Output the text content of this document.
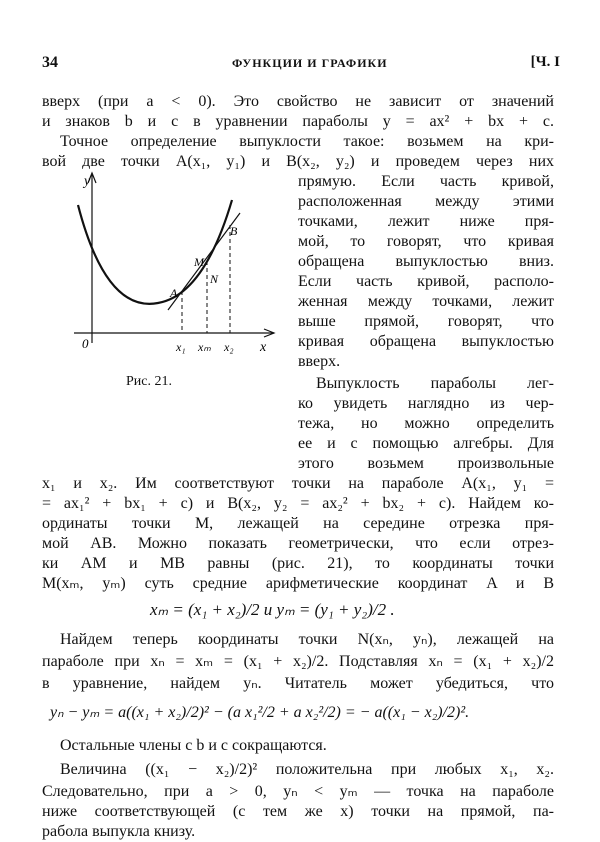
34	ФУНКЦИИ И ГРАФИКИ	[Ч. I
вверх (при a < 0). Это свойство не зависит от значений
и знаков b и c в уравнении параболы y = ax² + bx + c.
Точное определение выпуклости такое: возьмем на кри-
вой две точки A(x₁, y₁) и B(x₂, y₂) и проведем через них
прямую. Если часть кривой,
расположенная между этими
точками, лежит ниже пря-
мой, то говорят, что кривая
обращена выпуклостью вниз.
Если часть кривой, располо-
женная между точками, лежит
выше прямой, говорят, что
кривая обращена выпуклостью
вверх.
Выпуклость параболы лег-
ко увидеть наглядно из чер-
тежа, но можно определить
ее и с помощью алгебры. Для
этого возьмем произвольные
x₁ и x₂. Им соответствуют точки на параболе A(x₁, y₁ =
= ax₁² + bx₁ + c) и B(x₂, y₂ = ax₂² + bx₂ + c). Найдем ко-
ординаты точки M, лежащей на середине отрезка пря-
мой AB. Можно показать геометрически, что если отрез-
ки AM и MB равны (рис. 21), то координаты точки
M(xₘ, yₘ) суть средние арифметические координат A и B
xₘ = (x₁ + x₂)/2 и yₘ = (y₁ + y₂)/2 .
Найдем теперь координаты точки N(xₙ, yₙ), лежащей на
параболе при xₙ = xₘ = (x₁ + x₂)/2. Подставляя xₙ = (x₁ + x₂)/2
в уравнение, найдем yₙ. Читатель может убедиться, что
yₙ − yₘ = a((x₁ + x₂)/2)² − (a x₁²/2 + a x₂²/2) = − a((x₁ − x₂)/2)².
Остальные члены с b и c сокращаются.
Величина ((x₁ − x₂)/2)² положительна при любых x₁, x₂.
Следовательно, при a > 0, yₙ < yₘ — точка на параболе
ниже соответствующей (с тем же x) точки на прямой, па-
рабола выпукла книзу.
y
x
0
A
B
M
N
x₁ xₘ x₂
Рис. 21.
